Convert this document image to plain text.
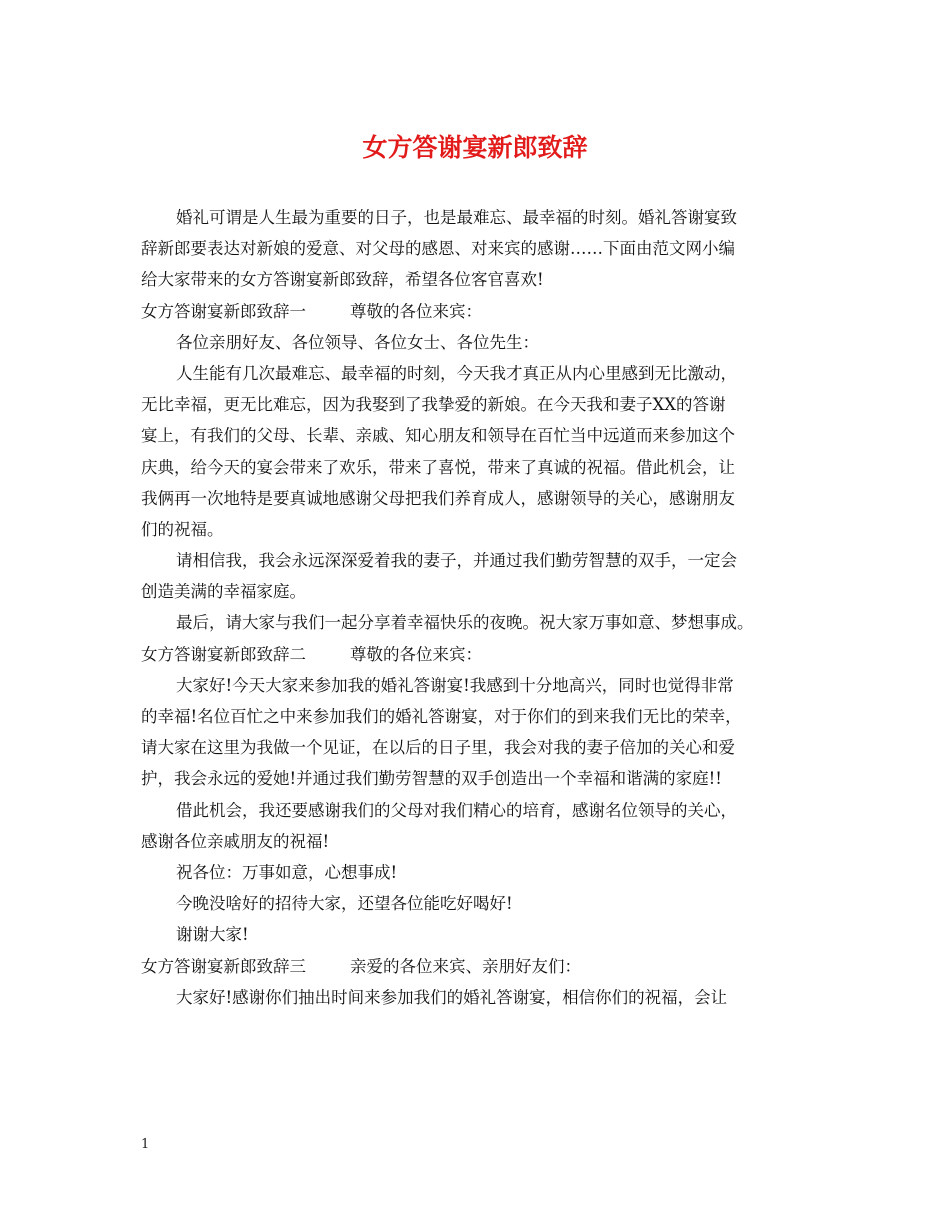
女方答谢宴新郎致辞
婚礼可谓是人生最为重要的日子，也是最难忘、最幸福的时刻。婚礼答谢宴致
辞新郎要表达对新娘的爱意、对父母的感恩、对来宾的感谢……下面由范文网小编
给大家带来的女方答谢宴新郎致辞，希望各位客官喜欢!
女方答谢宴新郎致辞一	尊敬的各位来宾：
各位亲朋好友、各位领导、各位女士、各位先生：
人生能有几次最难忘、最幸福的时刻，今天我才真正从内心里感到无比激动，
无比幸福，更无比难忘，因为我娶到了我挚爱的新娘。在今天我和妻子XX的答谢
宴上，有我们的父母、长辈、亲戚、知心朋友和领导在百忙当中远道而来参加这个
庆典，给今天的宴会带来了欢乐，带来了喜悦，带来了真诚的祝福。借此机会，让
我俩再一次地特是要真诚地感谢父母把我们养育成人，感谢领导的关心，感谢朋友
们的祝福。
请相信我，我会永远深深爱着我的妻子，并通过我们勤劳智慧的双手，一定会
创造美满的幸福家庭。
最后，请大家与我们一起分享着幸福快乐的夜晚。祝大家万事如意、梦想事成。
女方答谢宴新郎致辞二	尊敬的各位来宾：
大家好!今天大家来参加我的婚礼答谢宴!我感到十分地高兴，同时也觉得非常
的幸福!名位百忙之中来参加我们的婚礼答谢宴，对于你们的到来我们无比的荣幸，
请大家在这里为我做一个见证，在以后的日子里，我会对我的妻子倍加的关心和爱
护，我会永远的爱她!并通过我们勤劳智慧的双手创造出一个幸福和谐满的家庭!!
借此机会，我还要感谢我们的父母对我们精心的培育，感谢名位领导的关心，
感谢各位亲戚朋友的祝福!
祝各位：万事如意，心想事成!
今晚没啥好的招待大家，还望各位能吃好喝好!
谢谢大家!
女方答谢宴新郎致辞三	亲爱的各位来宾、亲朋好友们：
大家好!感谢你们抽出时间来参加我们的婚礼答谢宴，相信你们的祝福，会让
1
